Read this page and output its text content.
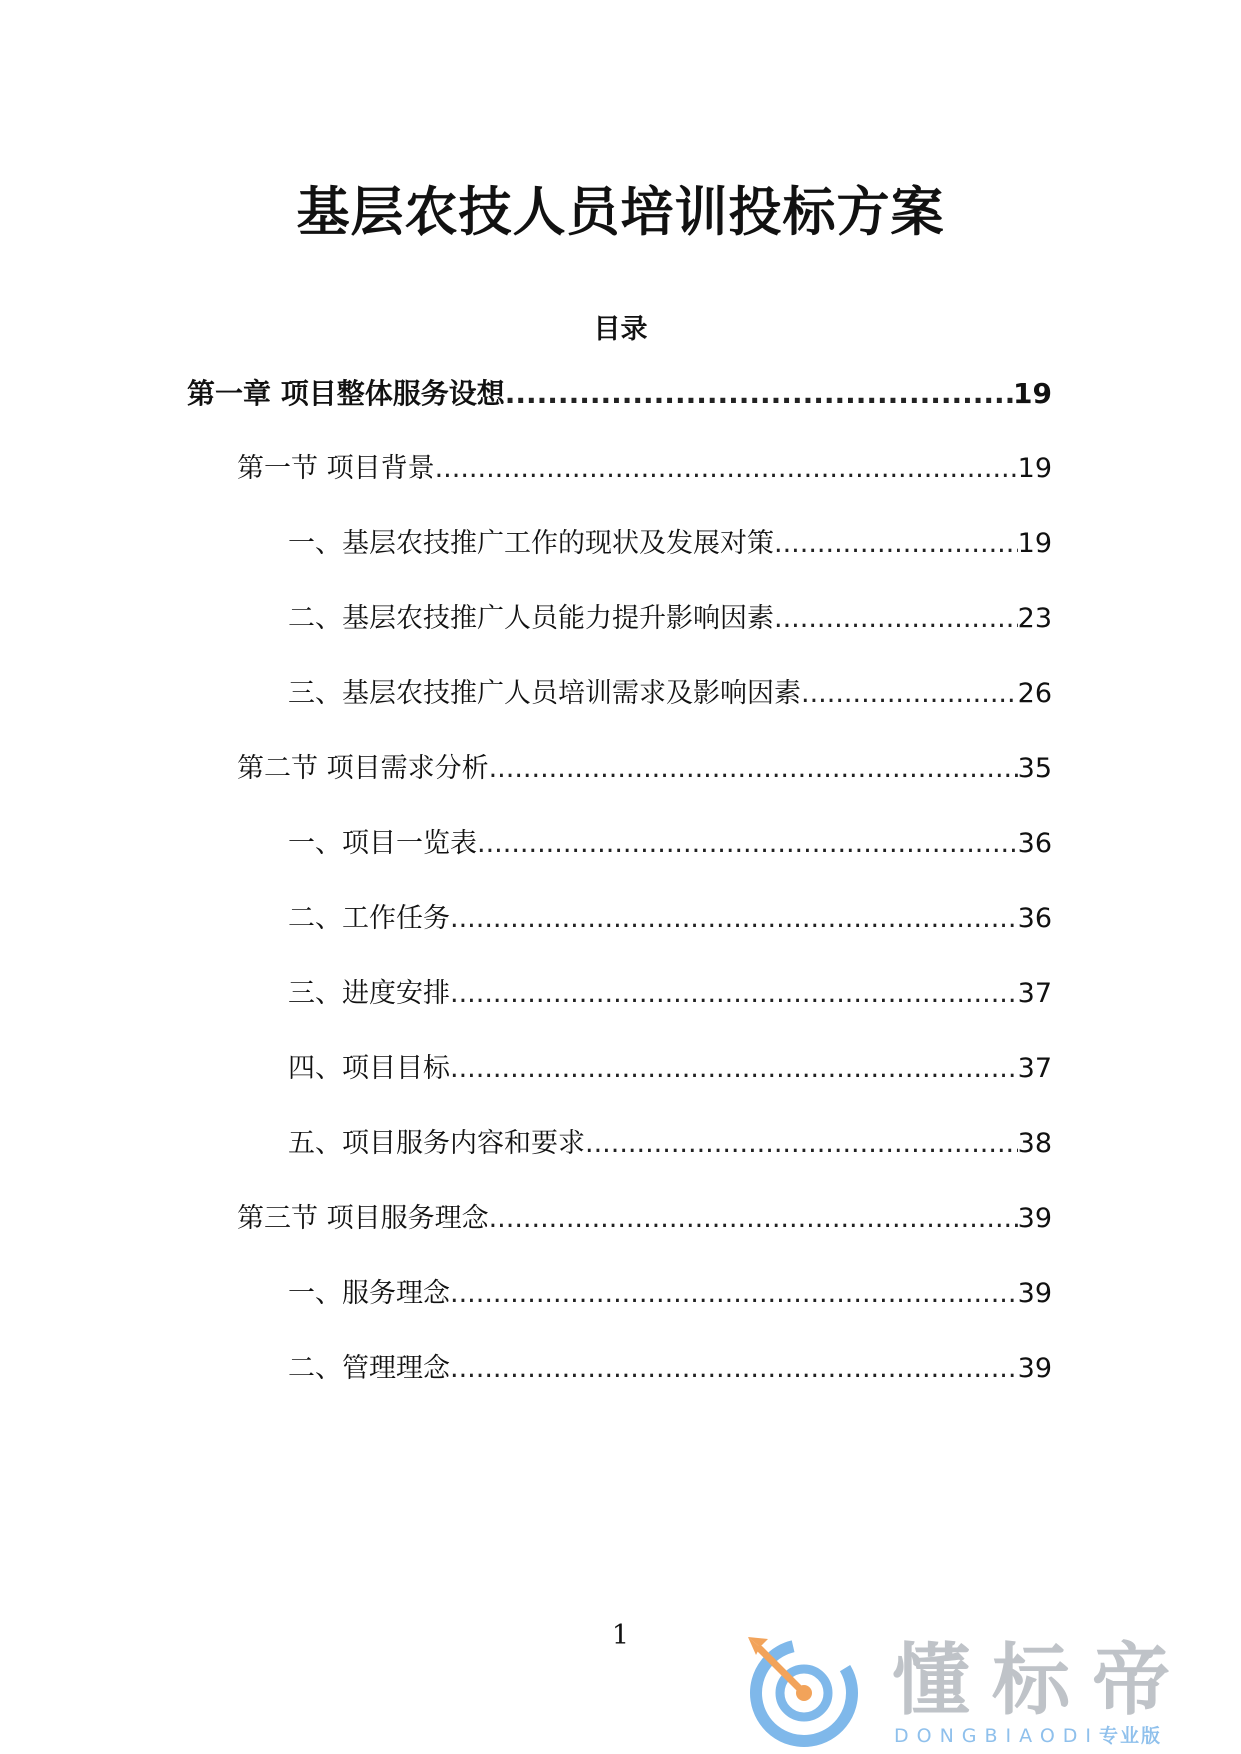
基层农技人员培训投标方案
目录
第一章 项目整体服务设想 .....	19
第一节 项目背景 .....	19
一、基层农技推广工作的现状及发展对策 .....	19
二、基层农技推广人员能力提升影响因素 .....	23
三、基层农技推广人员培训需求及影响因素 .....	26
第二节 项目需求分析 .....	35
一、项目一览表 .....	36
二、工作任务 .....	36
三、进度安排 .....	37
四、项目目标 .....	37
五、项目服务内容和要求 .....	38
第三节 项目服务理念 .....	39
一、服务理念 .....	39
二、管理理念 .....	39
1
懂标帝
DONGBIAODI专业版
